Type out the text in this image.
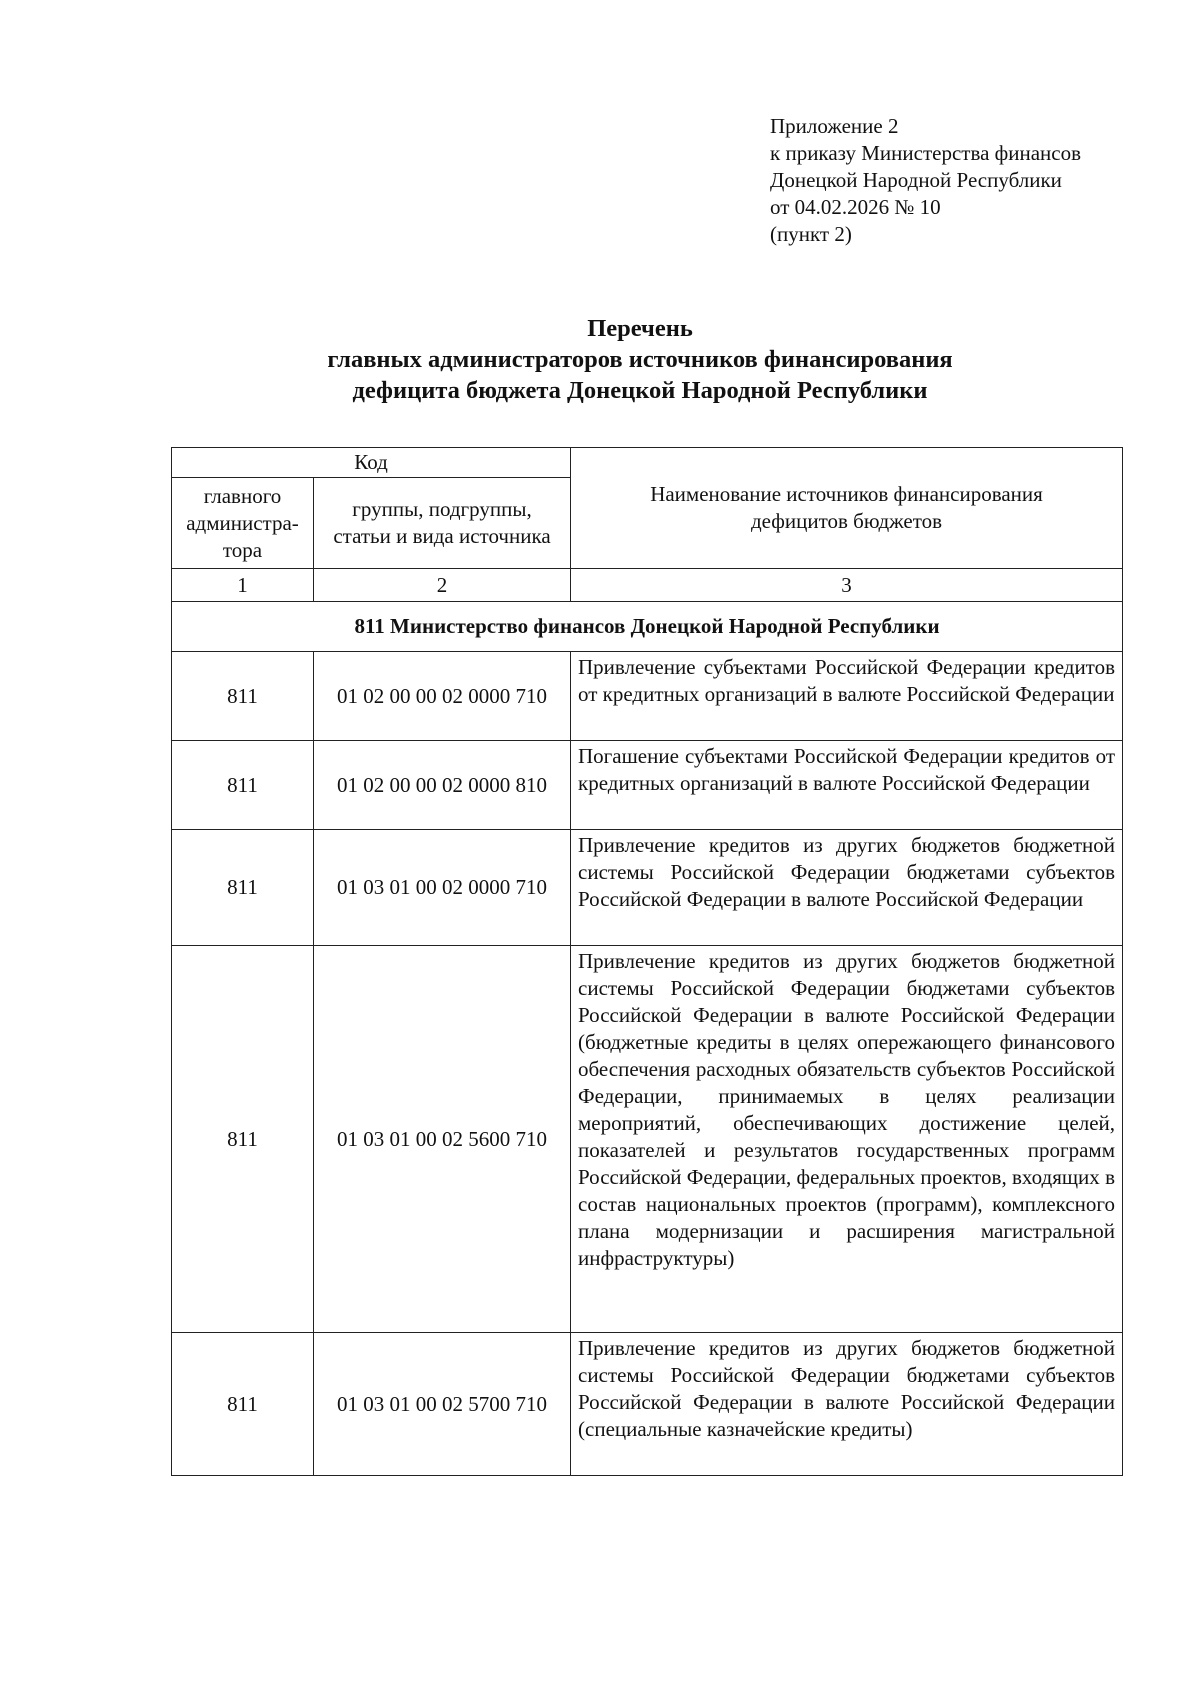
Приложение 2
к приказу Министерства финансов
Донецкой Народной Республики
от 04.02.2026 № 10
(пункт 2)
Перечень
главных администраторов источников финансирования
дефицита бюджета Донецкой Народной Республики
Код		Наименование источников финансирования дефицитов бюджетов
главного администра-тора	группы, подгруппы, статьи и вида источника	
1	2	3
811 Министерство финансов Донецкой Народной Республики		
811	01 02 00 00 02 0000 710	Привлечение субъектами Российской Федерации кредитов от кредитных организаций в валюте Российской Федерации
811	01 02 00 00 02 0000 810	Погашение субъектами Российской Федерации кредитов от кредитных организаций в валюте Российской Федерации
811	01 03 01 00 02 0000 710	Привлечение кредитов из других бюджетов бюджетной системы Российской Федерации бюджетами субъектов Российской Федерации в валюте Российской Федерации
811	01 03 01 00 02 5600 710	Привлечение кредитов из других бюджетов бюджетной системы Российской Федерации бюджетами субъектов Российской Федерации в валюте Российской Федерации (бюджетные кредиты в целях опережающего финансового обеспечения расходных обязательств субъектов Российской Федерации, принимаемых в целях реализации мероприятий, обеспечивающих достижение целей, показателей и результатов государственных программ Российской Федерации, федеральных проектов, входящих в состав национальных проектов (программ), комплексного плана модернизации и расширения магистральной инфраструктуры)
811	01 03 01 00 02 5700 710	Привлечение кредитов из других бюджетов бюджетной системы Российской Федерации бюджетами субъектов Российской Федерации в валюте Российской Федерации (специальные казначейские кредиты)
